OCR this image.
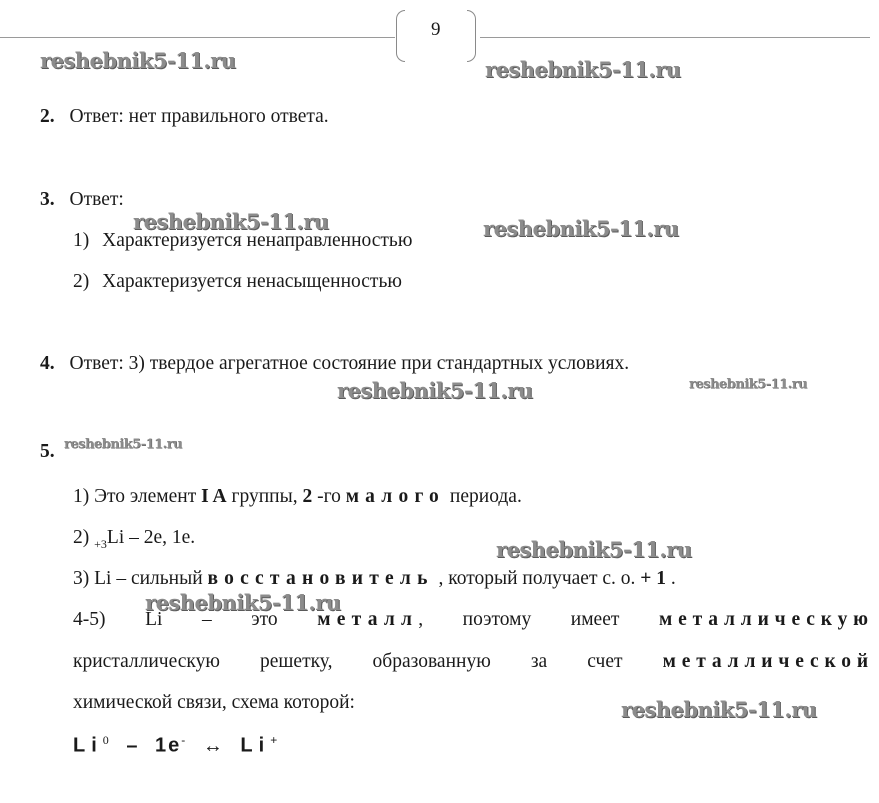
9
reshebnik5-11.ru	reshebnik5-11.ru
reshebnik5-11.ru	reshebnik5-11.ru
reshebnik5-11.ru	reshebnik5-11.ru
reshebnik5-11.ru
reshebnik5-11.ru
reshebnik5-11.ru
reshebnik5-11.ru
2. Ответ: нет правильного ответа.
3. Ответ:
1) Характеризуется ненаправленностью
2) Характеризуется ненасыщенностью
4. Ответ: 3) твердое агрегатное состояние при стандартных условиях.
5.
1) Это элемент I A группы, 2 -го малого периода.
2) $_{+3}$Li – 2e, 1e.
3) Li – сильный восстановитель , который получает с. о. + 1 .
4-5) Li – это металл, поэтому имеет металлическую
кристаллическую решетку, образованную за счет металлической
химической связи, схема которой:
Li$^0$ – 1e- ↔ Li+
